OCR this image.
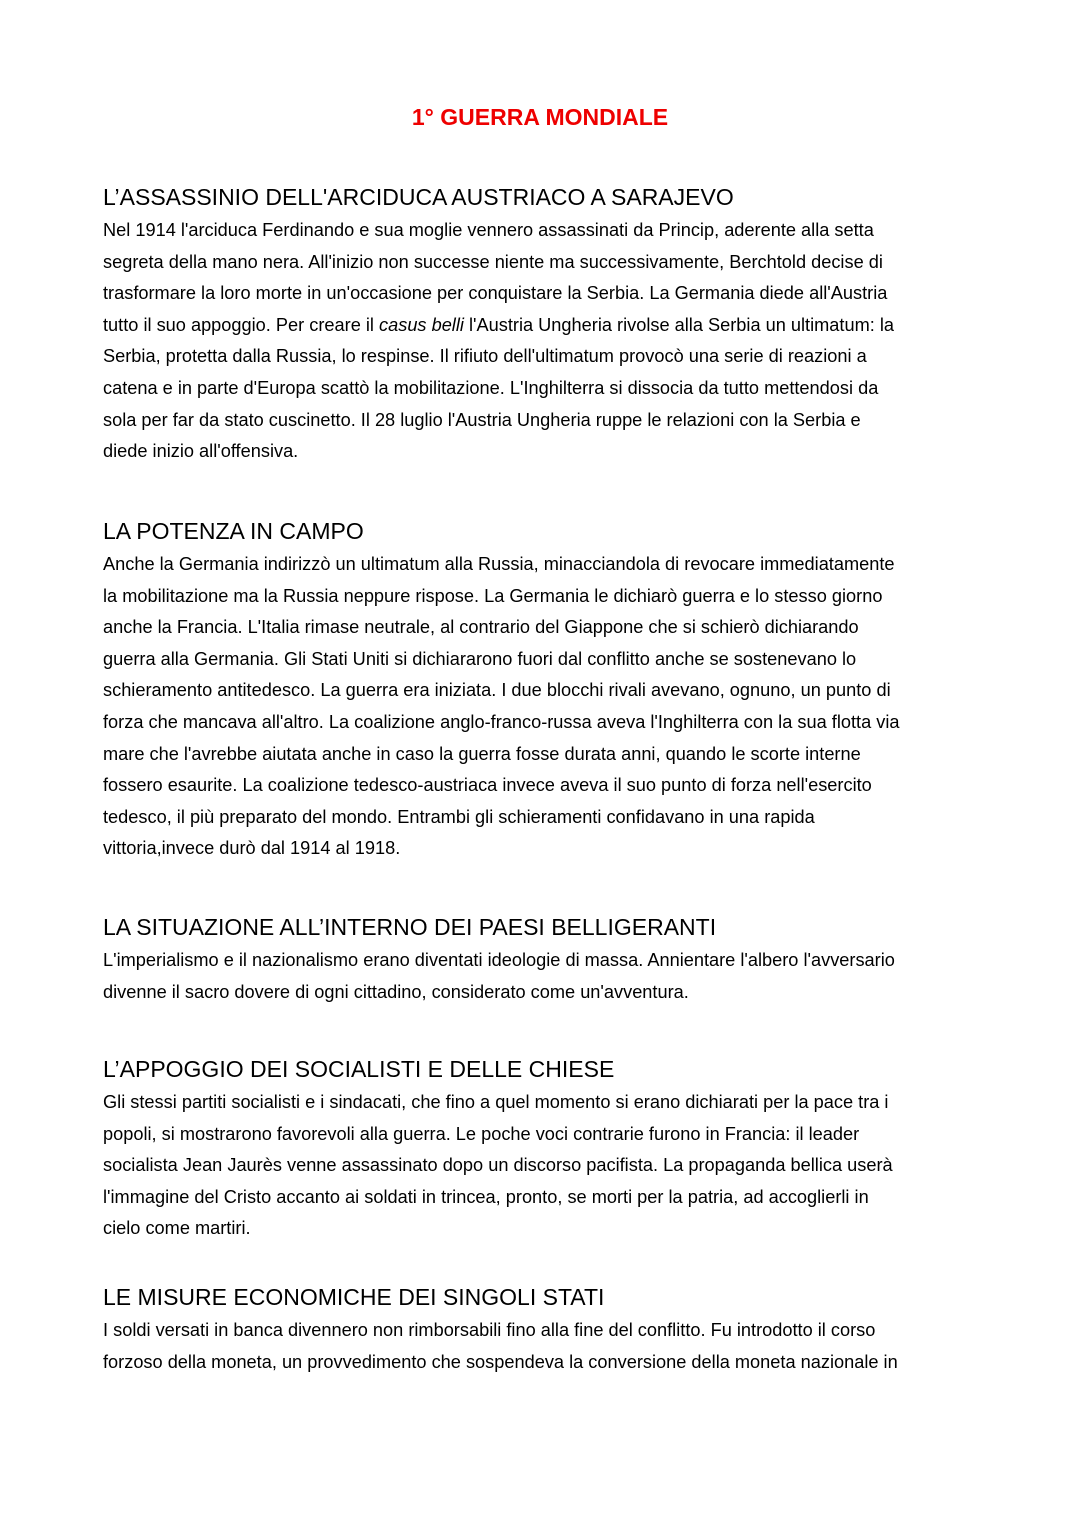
1° GUERRA MONDIALE
L’ASSASSINIO DELL'ARCIDUCA AUSTRIACO A SARAJEVO
Nel 1914 l'arciduca Ferdinando e sua moglie vennero assassinati da Princip, aderente alla setta
segreta della mano nera. All'inizio non successe niente ma successivamente, Berchtold decise di
trasformare la loro morte in un'occasione per conquistare la Serbia. La Germania diede all'Austria
tutto il suo appoggio. Per creare il casus belli l'Austria Ungheria rivolse alla Serbia un ultimatum: la
Serbia, protetta dalla Russia, lo respinse. Il rifiuto dell'ultimatum provocò una serie di reazioni a
catena e in parte d'Europa scattò la mobilitazione. L'Inghilterra si dissocia da tutto mettendosi da
sola per far da stato cuscinetto. Il 28 luglio l'Austria Ungheria ruppe le relazioni con la Serbia e
diede inizio all'offensiva.
LA POTENZA IN CAMPO
Anche la Germania indirizzò un ultimatum alla Russia, minacciandola di revocare immediatamente
la mobilitazione ma la Russia neppure rispose. La Germania le dichiarò guerra e lo stesso giorno
anche la Francia. L'Italia rimase neutrale, al contrario del Giappone che si schierò dichiarando
guerra alla Germania. Gli Stati Uniti si dichiararono fuori dal conflitto anche se sostenevano lo
schieramento antitedesco. La guerra era iniziata. I due blocchi rivali avevano, ognuno, un punto di
forza che mancava all'altro. La coalizione anglo-franco-russa aveva l'Inghilterra con la sua flotta via
mare che l'avrebbe aiutata anche in caso la guerra fosse durata anni, quando le scorte interne
fossero esaurite. La coalizione tedesco-austriaca invece aveva il suo punto di forza nell'esercito
tedesco, il più preparato del mondo. Entrambi gli schieramenti confidavano in una rapida
vittoria,invece durò dal 1914 al 1918.
LA SITUAZIONE ALL’INTERNO DEI PAESI BELLIGERANTI
L'imperialismo e il nazionalismo erano diventati ideologie di massa. Annientare l'albero l'avversario
divenne il sacro dovere di ogni cittadino, considerato come un'avventura.
L’APPOGGIO DEI SOCIALISTI E DELLE CHIESE
Gli stessi partiti socialisti e i sindacati, che fino a quel momento si erano dichiarati per la pace tra i
popoli, si mostrarono favorevoli alla guerra. Le poche voci contrarie furono in Francia: il leader
socialista Jean Jaurès venne assassinato dopo un discorso pacifista. La propaganda bellica userà
l'immagine del Cristo accanto ai soldati in trincea, pronto, se morti per la patria, ad accoglierli in
cielo come martiri.
LE MISURE ECONOMICHE DEI SINGOLI STATI
I soldi versati in banca divennero non rimborsabili fino alla fine del conflitto. Fu introdotto il corso
forzoso della moneta, un provvedimento che sospendeva la conversione della moneta nazionale in
